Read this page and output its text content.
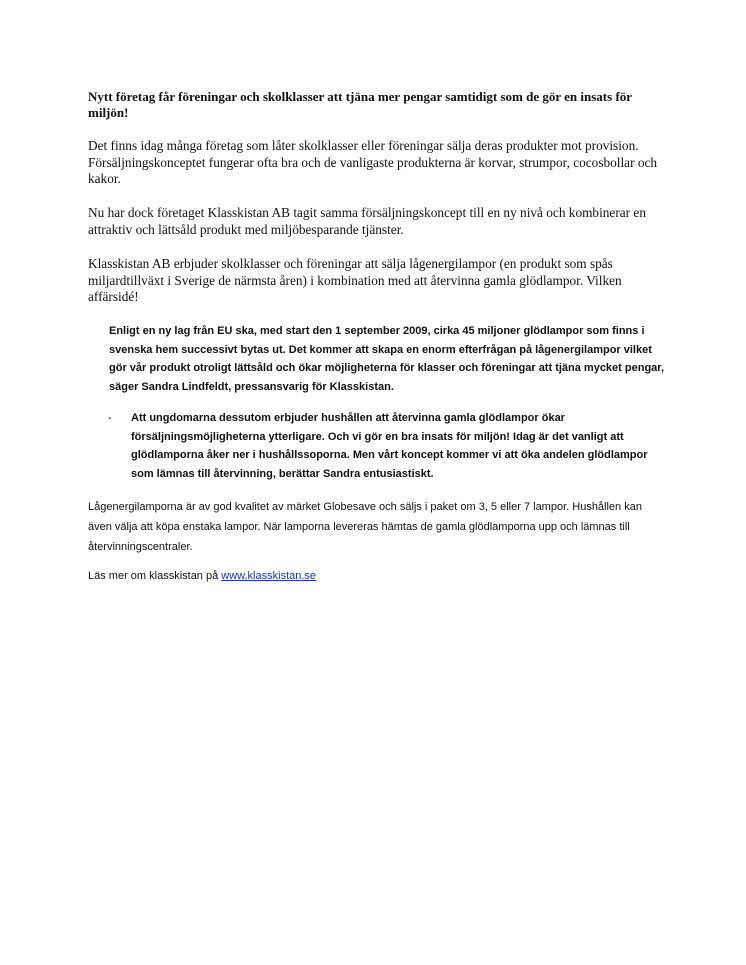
Nytt företag får föreningar och skolklasser att tjäna mer pengar samtidigt som de gör en insats för miljön!

Det finns idag många företag som låter skolklasser eller föreningar sälja deras produkter mot provision. Försäljningskonceptet fungerar ofta bra och de vanligaste produkterna är korvar, strumpor, cocosbollar och kakor.

Nu har dock företaget Klasskistan AB tagit samma försäljningskoncept till en ny nivå och kombinerar en attraktiv och lättsåld produkt med miljöbesparande tjänster.

Klasskistan AB erbjuder skolklasser och föreningar att sälja lågenergilampor (en produkt som spås miljardtillväxt i Sverige de närmsta åren) i kombination med att återvinna gamla glödlampor. Vilken affärsidé!

Enligt en ny lag från EU ska, med start den 1 september 2009, cirka 45 miljoner glödlampor som finns i svenska hem successivt bytas ut. Det kommer att skapa en enorm efterfrågan på lågenergilampor vilket gör vår produkt otroligt lättsåld och ökar möjligheterna för klasser och föreningar att tjäna mycket pengar, säger Sandra Lindfeldt, pressansvarig för Klasskistan.

- Att ungdomarna dessutom erbjuder hushållen att återvinna gamla glödlampor ökar försäljningsmöjligheterna ytterligare. Och vi gör en bra insats för miljön! Idag är det vanligt att glödlamporna åker ner i hushållssoporna. Men vårt koncept kommer vi att öka andelen glödlampor som lämnas till återvinning, berättar Sandra entusiastiskt.

Lågenergilamporna är av god kvalitet av märket Globesave och säljs i paket om 3, 5 eller 7 lampor. Hushållen kan även välja att köpa enstaka lampor. När lamporna levereras hämtas de gamla glödlamporna upp och lämnas till återvinningscentraler.

Läs mer om klasskistan på www.klasskistan.se
